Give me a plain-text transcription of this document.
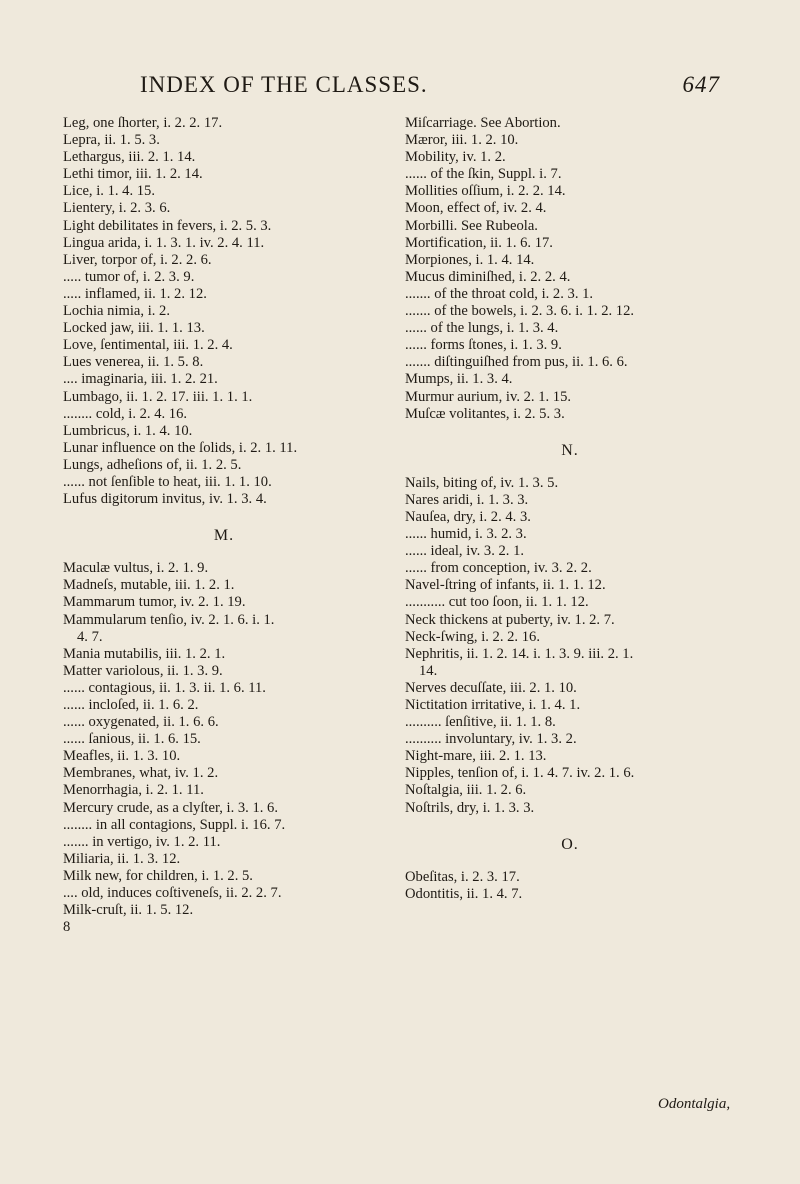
INDEX OF THE CLASSES.	647
Leg, one ſhorter, i. 2. 2. 17.
Lepra, ii. 1. 5. 3.
Lethargus, iii. 2. 1. 14.
Lethi timor, iii. 1. 2. 14.
Lice, i. 1. 4. 15.
Lientery, i. 2. 3. 6.
Light debilitates in fevers, i. 2. 5. 3.
Lingua arida, i. 1. 3. 1. iv. 2. 4. 11.
Liver, torpor of, i. 2. 2. 6.
..... tumor of, i. 2. 3. 9.
..... inflamed, ii. 1. 2. 12.
Lochia nimia, i. 2.
Locked jaw, iii. 1. 1. 13.
Love, ſentimental, iii. 1. 2. 4.
Lues venerea, ii. 1. 5. 8.
.... imaginaria, iii. 1. 2. 21.
Lumbago, ii. 1. 2. 17. iii. 1. 1. 1.
........ cold, i. 2. 4. 16.
Lumbricus, i. 1. 4. 10.
Lunar influence on the ſolids, i. 2. 1. 11.
Lungs, adheſions of, ii. 1. 2. 5.
...... not ſenſible to heat, iii. 1. 1. 10.
Lufus digitorum invitus, iv. 1. 3. 4.
M.
Maculæ vultus, i. 2. 1. 9.
Madneſs, mutable, iii. 1. 2. 1.
Mammarum tumor, iv. 2. 1. 19.
Mammularum tenſio, iv. 2. 1. 6. i. 1.
4. 7.
Mania mutabilis, iii. 1. 2. 1.
Matter variolous, ii. 1. 3. 9.
...... contagious, ii. 1. 3. ii. 1. 6. 11.
...... incloſed, ii. 1. 6. 2.
...... oxygenated, ii. 1. 6. 6.
...... ſanious, ii. 1. 6. 15.
Meafles, ii. 1. 3. 10.
Membranes, what, iv. 1. 2.
Menorrhagia, i. 2. 1. 11.
Mercury crude, as a clyſter, i. 3. 1. 6.
........ in all contagions, Suppl. i. 16. 7.
....... in vertigo, iv. 1. 2. 11.
Miliaria, ii. 1. 3. 12.
Milk new, for children, i. 1. 2. 5.
.... old, induces coſtiveneſs, ii. 2. 2. 7.
Milk-cruſt, ii. 1. 5. 12.
8
Miſcarriage. See Abortion.
Mæror, iii. 1. 2. 10.
Mobility, iv. 1. 2.
...... of the ſkin, Suppl. i. 7.
Mollities oſſium, i. 2. 2. 14.
Moon, effect of, iv. 2. 4.
Morbilli. See Rubeola.
Mortification, ii. 1. 6. 17.
Morpiones, i. 1. 4. 14.
Mucus diminiſhed, i. 2. 2. 4.
....... of the throat cold, i. 2. 3. 1.
....... of the bowels, i. 2. 3. 6. i. 1. 2. 12.
...... of the lungs, i. 1. 3. 4.
...... forms ſtones, i. 1. 3. 9.
....... diſtinguiſhed from pus, ii. 1. 6. 6.
Mumps, ii. 1. 3. 4.
Murmur aurium, iv. 2. 1. 15.
Muſcæ volitantes, i. 2. 5. 3.
N.
Nails, biting of, iv. 1. 3. 5.
Nares aridi, i. 1. 3. 3.
Nauſea, dry, i. 2. 4. 3.
...... humid, i. 3. 2. 3.
...... ideal, iv. 3. 2. 1.
...... from conception, iv. 3. 2. 2.
Navel-ſtring of infants, ii. 1. 1. 12.
........... cut too ſoon, ii. 1. 1. 12.
Neck thickens at puberty, iv. 1. 2. 7.
Neck-ſwing, i. 2. 2. 16.
Nephritis, ii. 1. 2. 14. i. 1. 3. 9. iii. 2. 1.
14.
Nerves decuſſate, iii. 2. 1. 10.
Nictitation irritative, i. 1. 4. 1.
.......... ſenſitive, ii. 1. 1. 8.
.......... involuntary, iv. 1. 3. 2.
Night-mare, iii. 2. 1. 13.
Nipples, tenſion of, i. 1. 4. 7. iv. 2. 1. 6.
Noſtalgia, iii. 1. 2. 6.
Noſtrils, dry, i. 1. 3. 3.
O.
Obeſitas, i. 2. 3. 17.
Odontitis, ii. 1. 4. 7.
Odontalgia,
